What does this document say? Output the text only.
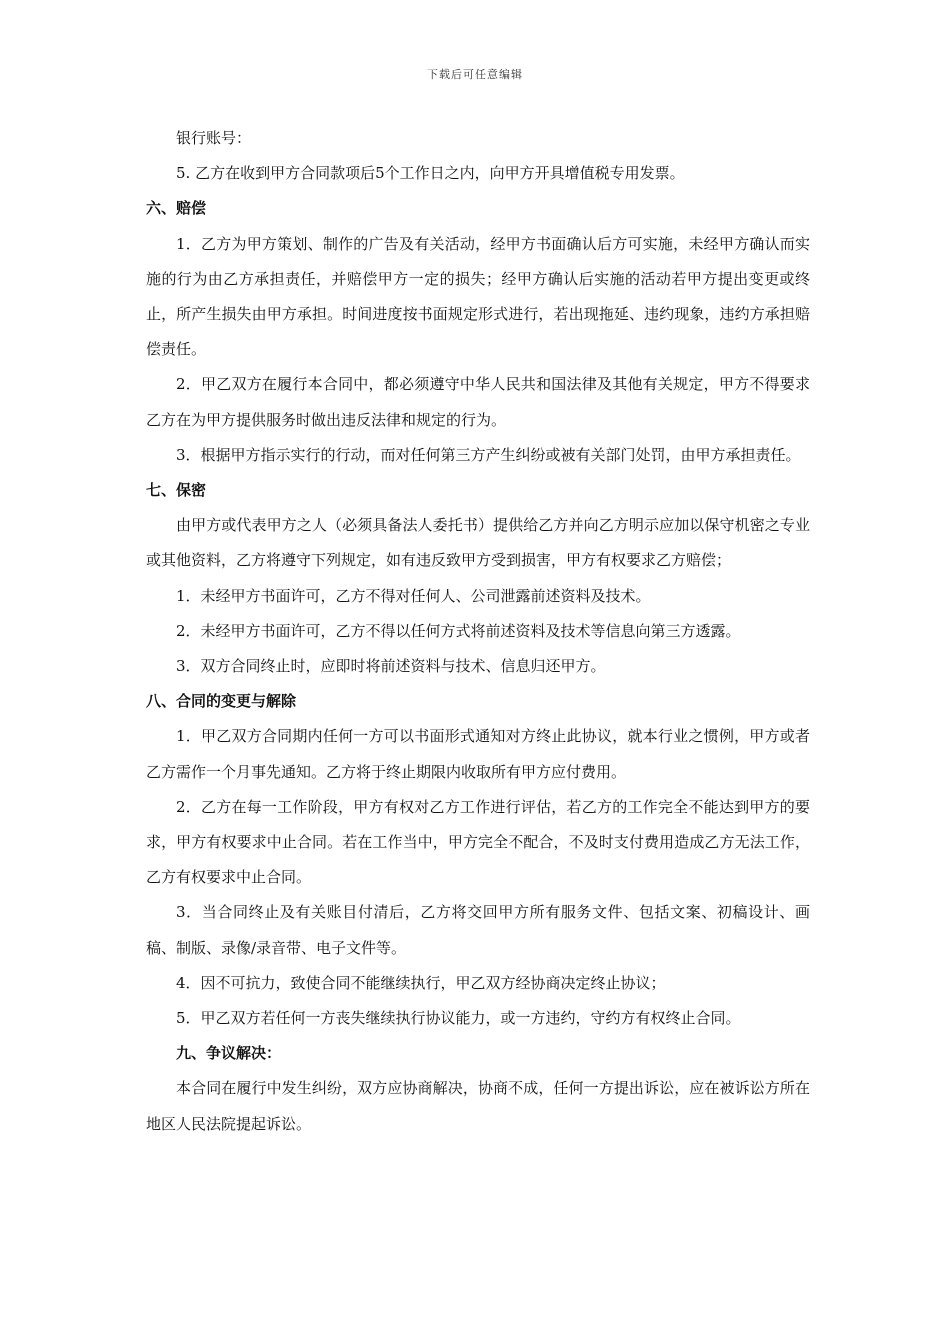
下载后可任意编辑

银行账号：

5. 乙方在收到甲方合同款项后5个工作日之内，向甲方开具增值税专用发票。

六、赔偿

1．乙方为甲方策划、制作的广告及有关活动，经甲方书面确认后方可实施，未经甲方确认而实施的行为由乙方承担责任，并赔偿甲方一定的损失；经甲方确认后实施的活动若甲方提出变更或终止，所产生损失由甲方承担。时间进度按书面规定形式进行，若出现拖延、违约现象，违约方承担赔偿责任。

2．甲乙双方在履行本合同中，都必须遵守中华人民共和国法律及其他有关规定，甲方不得要求乙方在为甲方提供服务时做出违反法律和规定的行为。

3．根据甲方指示实行的行动，而对任何第三方产生纠纷或被有关部门处罚，由甲方承担责任。

七、保密

由甲方或代表甲方之人（必须具备法人委托书）提供给乙方并向乙方明示应加以保守机密之专业或其他资料，乙方将遵守下列规定，如有违反致甲方受到损害，甲方有权要求乙方赔偿；

1．未经甲方书面许可，乙方不得对任何人、公司泄露前述资料及技术。

2．未经甲方书面许可，乙方不得以任何方式将前述资料及技术等信息向第三方透露。

3．双方合同终止时，应即时将前述资料与技术、信息归还甲方。

八、合同的变更与解除

1．甲乙双方合同期内任何一方可以书面形式通知对方终止此协议，就本行业之惯例，甲方或者乙方需作一个月事先通知。乙方将于终止期限内收取所有甲方应付费用。

2．乙方在每一工作阶段，甲方有权对乙方工作进行评估，若乙方的工作完全不能达到甲方的要求，甲方有权要求中止合同。若在工作当中，甲方完全不配合，不及时支付费用造成乙方无法工作，乙方有权要求中止合同。

3．当合同终止及有关账目付清后，乙方将交回甲方所有服务文件、包括文案、初稿设计、画稿、制版、录像/录音带、电子文件等。

4．因不可抗力，致使合同不能继续执行，甲乙双方经协商决定终止协议；

5．甲乙双方若任何一方丧失继续执行协议能力，或一方违约，守约方有权终止合同。

九、争议解决：

本合同在履行中发生纠纷，双方应协商解决，协商不成，任何一方提出诉讼，应在被诉讼方所在地区人民法院提起诉讼。
